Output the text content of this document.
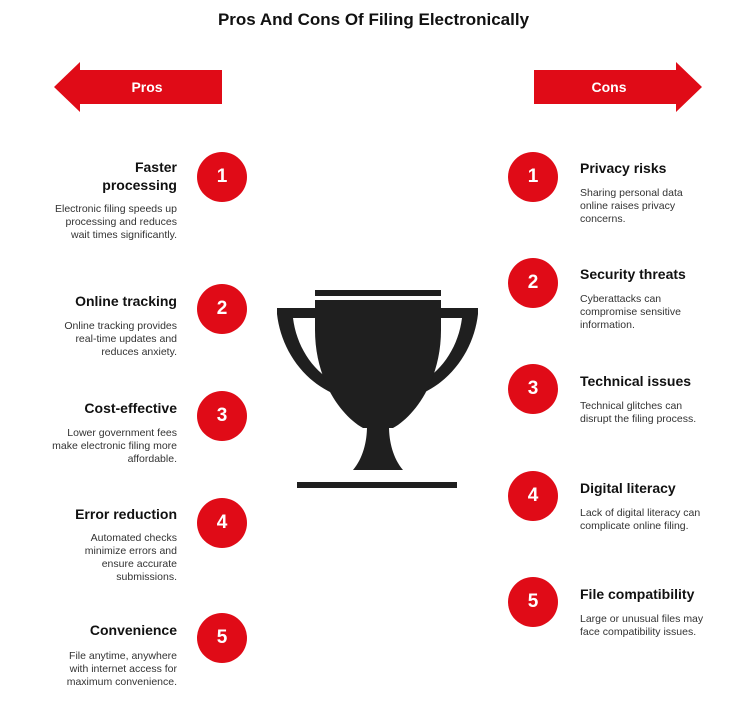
Pros And Cons Of Filing Electronically
Pros	Cons
1
Faster processing
Electronic filing speeds up processing and reduces wait times significantly.
2
Online tracking
Online tracking provides real-time updates and reduces anxiety.
3
Cost-effective
Lower government fees make electronic filing more affordable.
4
Error reduction
Automated checks minimize errors and ensure accurate submissions.
5
Convenience
File anytime, anywhere with internet access for maximum convenience.
1	Privacy risks
Sharing personal data online raises privacy concerns.
2	Security threats
Cyberattacks can compromise sensitive information.
3	Technical issues
Technical glitches can disrupt the filing process.
4	Digital literacy
Lack of digital literacy can complicate online filing.
5	File compatibility
Large or unusual files may face compatibility issues.
